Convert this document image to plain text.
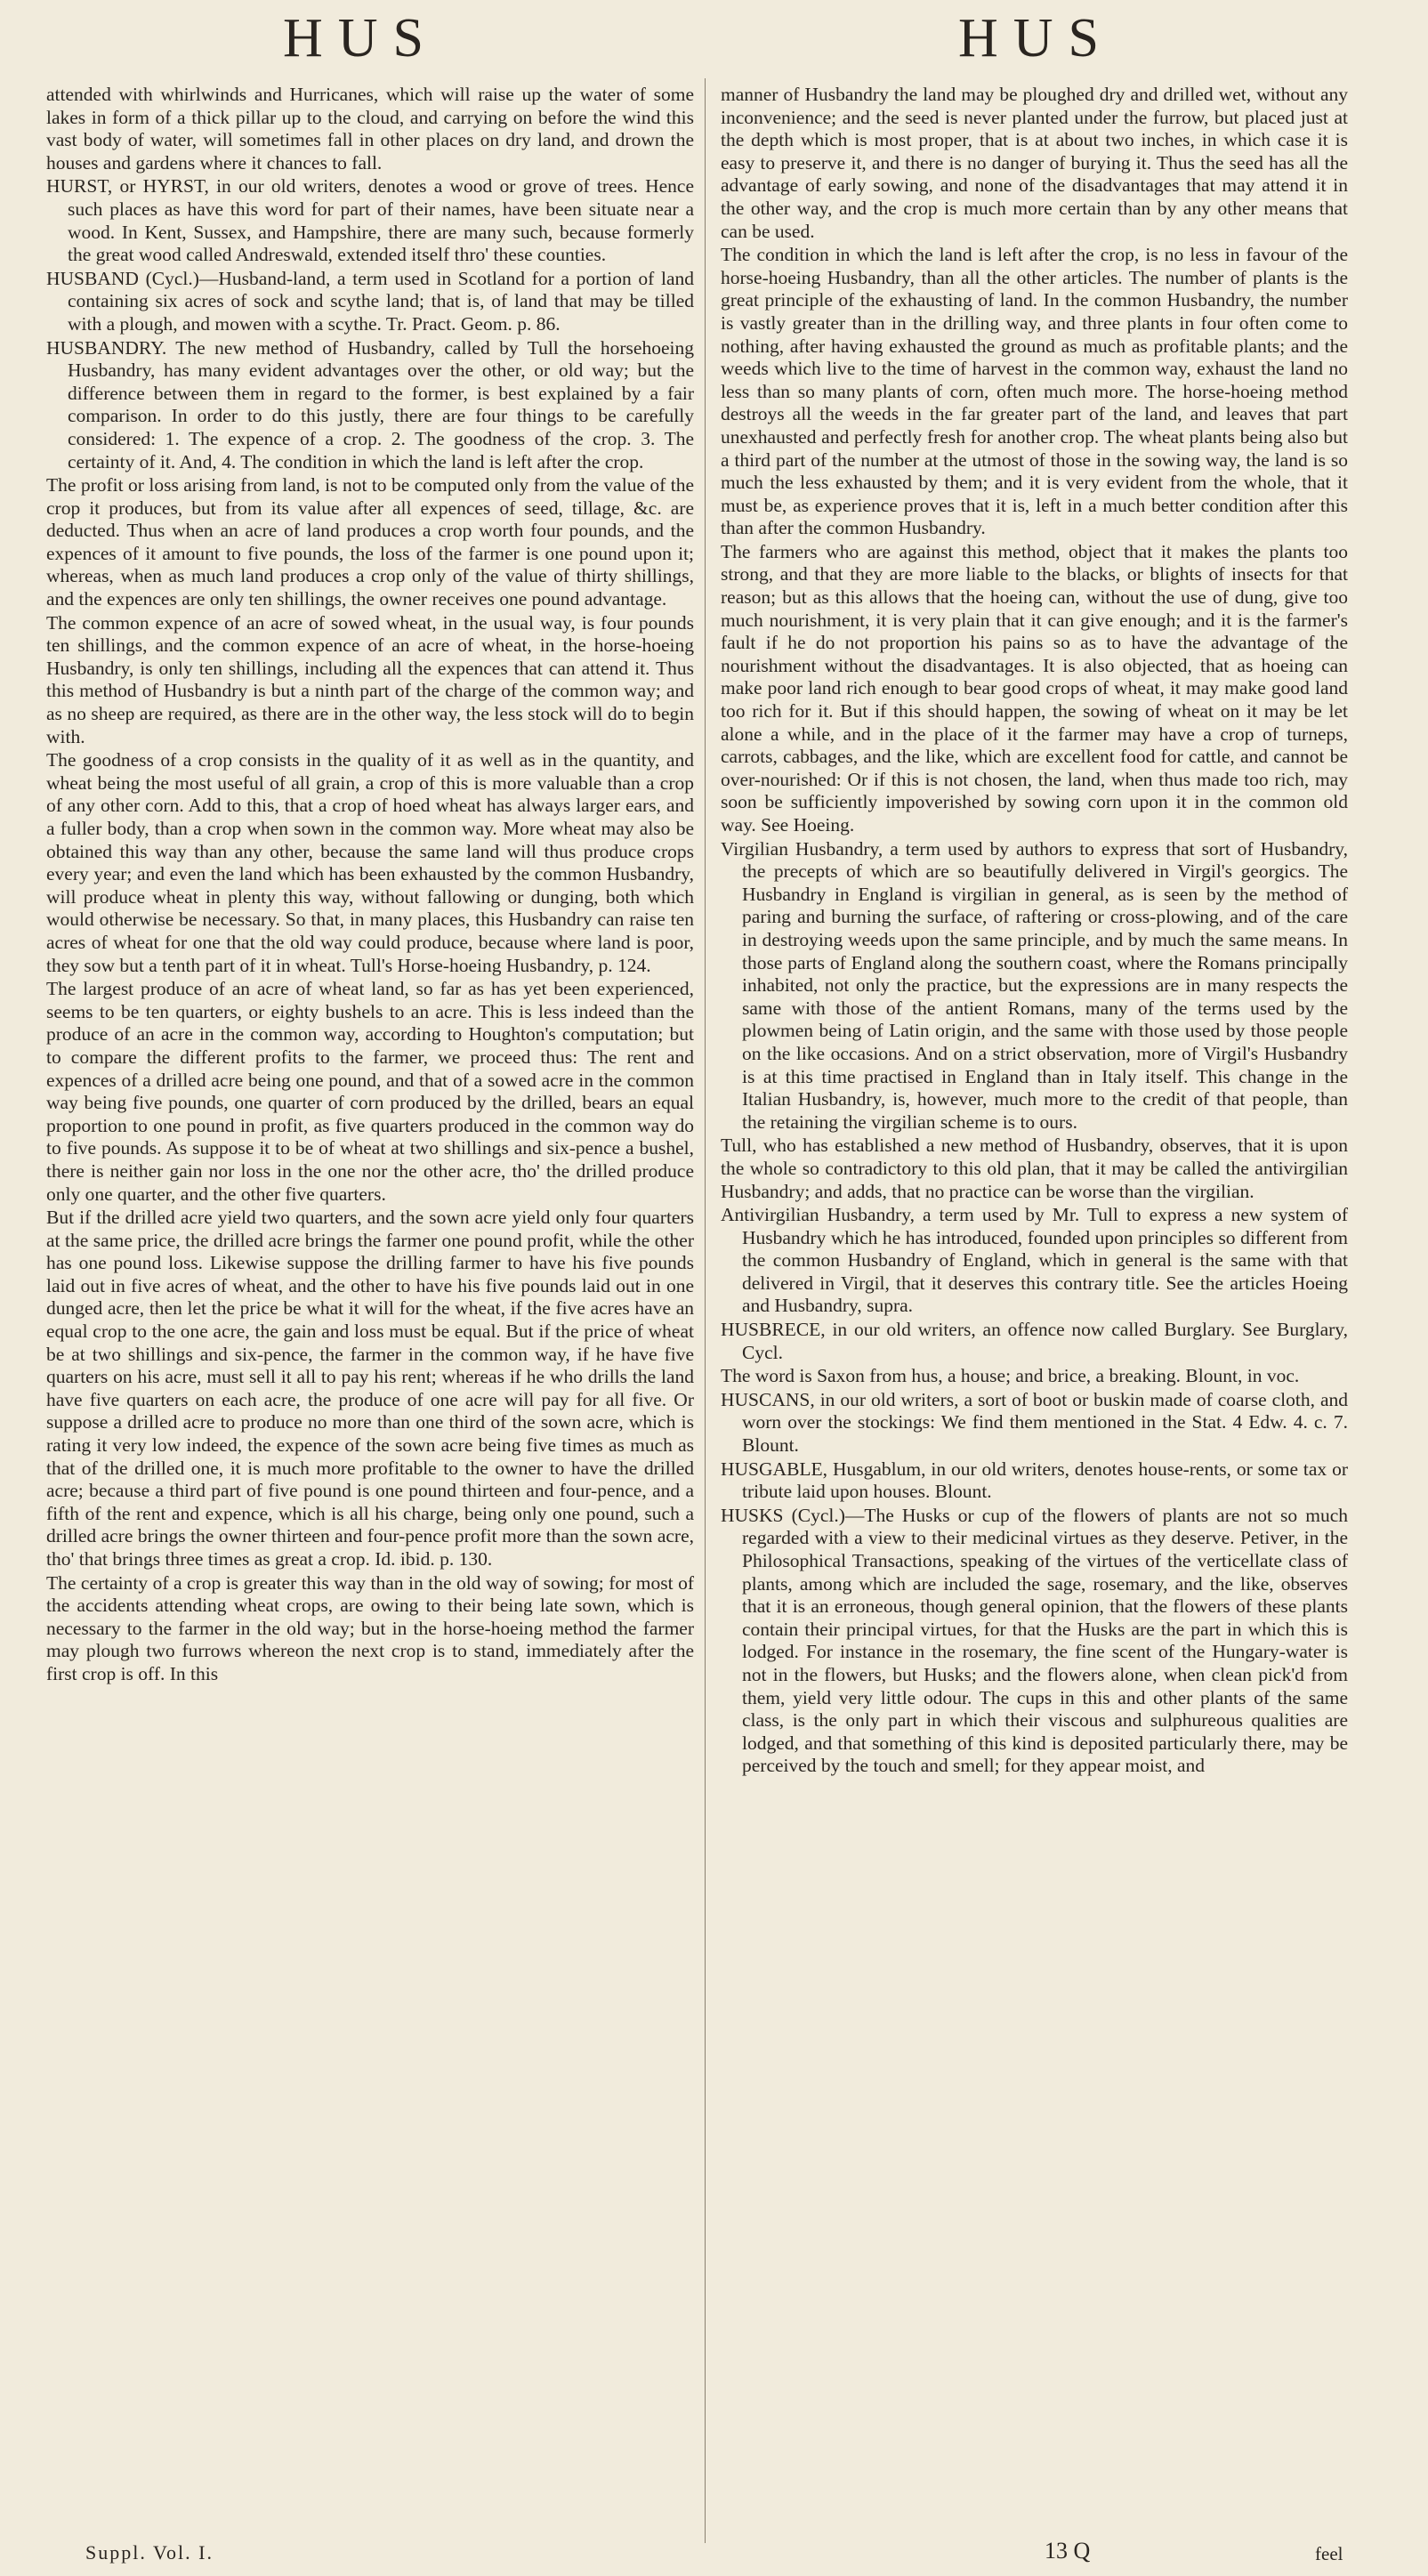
HUS	HUS

attended with whirlwinds and Hurricanes, which will raise up the water of some lakes in form of a thick pillar up to the cloud, and carrying on before the wind this vast body of water, will sometimes fall in other places on dry land, and drown the houses and gardens where it chances to fall.

HURST, or HYRST, in our old writers, denotes a wood or grove of trees. Hence such places as have this word for part of their names, have been situate near a wood. In Kent, Sussex, and Hampshire, there are many such, because formerly the great wood called Andreswald, extended itself thro' these counties.

HUSBAND (Cycl.)—Husband-land, a term used in Scotland for a portion of land containing six acres of sock and scythe land; that is, of land that may be tilled with a plough, and mowen with a scythe. Tr. Pract. Geom. p. 86.

HUSBANDRY. The new method of Husbandry, called by Tull the horsehoeing Husbandry, has many evident advantages over the other, or old way; but the difference between them in regard to the former, is best explained by a fair comparison. In order to do this justly, there are four things to be carefully considered: 1. The expence of a crop. 2. The goodness of the crop. 3. The certainty of it. And, 4. The condition in which the land is left after the crop.

The profit or loss arising from land, is not to be computed only from the value of the crop it produces, but from its value after all expences of seed, tillage, &c. are deducted. Thus when an acre of land produces a crop worth four pounds, and the expences of it amount to five pounds, the loss of the farmer is one pound upon it; whereas, when as much land produces a crop only of the value of thirty shillings, and the expences are only ten shillings, the owner receives one pound advantage.

The common expence of an acre of sowed wheat, in the usual way, is four pounds ten shillings, and the common expence of an acre of wheat, in the horse-hoeing Husbandry, is only ten shillings, including all the expences that can attend it. Thus this method of Husbandry is but a ninth part of the charge of the common way; and as no sheep are required, as there are in the other way, the less stock will do to begin with.

The goodness of a crop consists in the quality of it as well as in the quantity, and wheat being the most useful of all grain, a crop of this is more valuable than a crop of any other corn. Add to this, that a crop of hoed wheat has always larger ears, and a fuller body, than a crop when sown in the common way. More wheat may also be obtained this way than any other, because the same land will thus produce crops every year; and even the land which has been exhausted by the common Husbandry, will produce wheat in plenty this way, without fallowing or dunging, both which would otherwise be necessary. So that, in many places, this Husbandry can raise ten acres of wheat for one that the old way could produce, because where land is poor, they sow but a tenth part of it in wheat. Tull's Horse-hoeing Husbandry, p. 124.

The largest produce of an acre of wheat land, so far as has yet been experienced, seems to be ten quarters, or eighty bushels to an acre. This is less indeed than the produce of an acre in the common way, according to Houghton's computation; but to compare the different profits to the farmer, we proceed thus: The rent and expences of a drilled acre being one pound, and that of a sowed acre in the common way being five pounds, one quarter of corn produced by the drilled, bears an equal proportion to one pound in profit, as five quarters produced in the common way do to five pounds. As suppose it to be of wheat at two shillings and six-pence a bushel, there is neither gain nor loss in the one nor the other acre, tho' the drilled produce only one quarter, and the other five quarters.

But if the drilled acre yield two quarters, and the sown acre yield only four quarters at the same price, the drilled acre brings the farmer one pound profit, while the other has one pound loss. Likewise suppose the drilling farmer to have his five pounds laid out in five acres of wheat, and the other to have his five pounds laid out in one dunged acre, then let the price be what it will for the wheat, if the five acres have an equal crop to the one acre, the gain and loss must be equal. But if the price of wheat be at two shillings and six-pence, the farmer in the common way, if he have five quarters on his acre, must sell it all to pay his rent; whereas if he who drills the land have five quarters on each acre, the produce of one acre will pay for all five. Or suppose a drilled acre to produce no more than one third of the sown acre, which is rating it very low indeed, the expence of the sown acre being five times as much as that of the drilled one, it is much more profitable to the owner to have the drilled acre; because a third part of five pound is one pound thirteen and four-pence, and a fifth of the rent and expence, which is all his charge, being only one pound, such a drilled acre brings the owner thirteen and four-pence profit more than the sown acre, tho' that brings three times as great a crop. Id. ibid. p. 130.

The certainty of a crop is greater this way than in the old way of sowing; for most of the accidents attending wheat crops, are owing to their being late sown, which is necessary to the farmer in the old way; but in the horse-hoeing method the farmer may plough two furrows whereon the next crop is to stand, immediately after the first crop is off. In this

manner of Husbandry the land may be ploughed dry and drilled wet, without any inconvenience; and the seed is never planted under the furrow, but placed just at the depth which is most proper, that is at about two inches, in which case it is easy to preserve it, and there is no danger of burying it. Thus the seed has all the advantage of early sowing, and none of the disadvantages that may attend it in the other way, and the crop is much more certain than by any other means that can be used.

The condition in which the land is left after the crop, is no less in favour of the horse-hoeing Husbandry, than all the other articles. The number of plants is the great principle of the exhausting of land. In the common Husbandry, the number is vastly greater than in the drilling way, and three plants in four often come to nothing, after having exhausted the ground as much as profitable plants; and the weeds which live to the time of harvest in the common way, exhaust the land no less than so many plants of corn, often much more. The horse-hoeing method destroys all the weeds in the far greater part of the land, and leaves that part unexhausted and perfectly fresh for another crop. The wheat plants being also but a third part of the number at the utmost of those in the sowing way, the land is so much the less exhausted by them; and it is very evident from the whole, that it must be, as experience proves that it is, left in a much better condition after this than after the common Husbandry.

The farmers who are against this method, object that it makes the plants too strong, and that they are more liable to the blacks, or blights of insects for that reason; but as this allows that the hoeing can, without the use of dung, give too much nourishment, it is very plain that it can give enough; and it is the farmer's fault if he do not proportion his pains so as to have the advantage of the nourishment without the disadvantages. It is also objected, that as hoeing can make poor land rich enough to bear good crops of wheat, it may make good land too rich for it. But if this should happen, the sowing of wheat on it may be let alone a while, and in the place of it the farmer may have a crop of turneps, carrots, cabbages, and the like, which are excellent food for cattle, and cannot be over-nourished: Or if this is not chosen, the land, when thus made too rich, may soon be sufficiently impoverished by sowing corn upon it in the common old way. See Hoeing.

Virgilian Husbandry, a term used by authors to express that sort of Husbandry, the precepts of which are so beautifully delivered in Virgil's georgics. The Husbandry in England is virgilian in general, as is seen by the method of paring and burning the surface, of raftering or cross-plowing, and of the care in destroying weeds upon the same principle, and by much the same means. In those parts of England along the southern coast, where the Romans principally inhabited, not only the practice, but the expressions are in many respects the same with those of the antient Romans, many of the terms used by the plowmen being of Latin origin, and the same with those used by those people on the like occasions. And on a strict observation, more of Virgil's Husbandry is at this time practised in England than in Italy itself. This change in the Italian Husbandry, is, however, much more to the credit of that people, than the retaining the virgilian scheme is to ours.

Tull, who has established a new method of Husbandry, observes, that it is upon the whole so contradictory to this old plan, that it may be called the antivirgilian Husbandry; and adds, that no practice can be worse than the virgilian.

Antivirgilian Husbandry, a term used by Mr. Tull to express a new system of Husbandry which he has introduced, founded upon principles so different from the common Husbandry of England, which in general is the same with that delivered in Virgil, that it deserves this contrary title. See the articles Hoeing and Husbandry, supra.

HUSBRECE, in our old writers, an offence now called Burglary. See Burglary, Cycl.

The word is Saxon from hus, a house; and brice, a breaking. Blount, in voc.

HUSCANS, in our old writers, a sort of boot or buskin made of coarse cloth, and worn over the stockings: We find them mentioned in the Stat. 4 Edw. 4. c. 7. Blount.

HUSGABLE, Husgablum, in our old writers, denotes house-rents, or some tax or tribute laid upon houses. Blount.

HUSKS (Cycl.)—The Husks or cup of the flowers of plants are not so much regarded with a view to their medicinal virtues as they deserve. Petiver, in the Philosophical Transactions, speaking of the virtues of the verticellate class of plants, among which are included the sage, rosemary, and the like, observes that it is an erroneous, though general opinion, that the flowers of these plants contain their principal virtues, for that the Husks are the part in which this is lodged. For instance in the rosemary, the fine scent of the Hungary-water is not in the flowers, but Husks; and the flowers alone, when clean pick'd from them, yield very little odour. The cups in this and other plants of the same class, is the only part in which their viscous and sulphureous qualities are lodged, and that something of this kind is deposited particularly there, may be perceived by the touch and smell; for they appear moist, and

Suppl. Vol. I.	13 Q	feel
